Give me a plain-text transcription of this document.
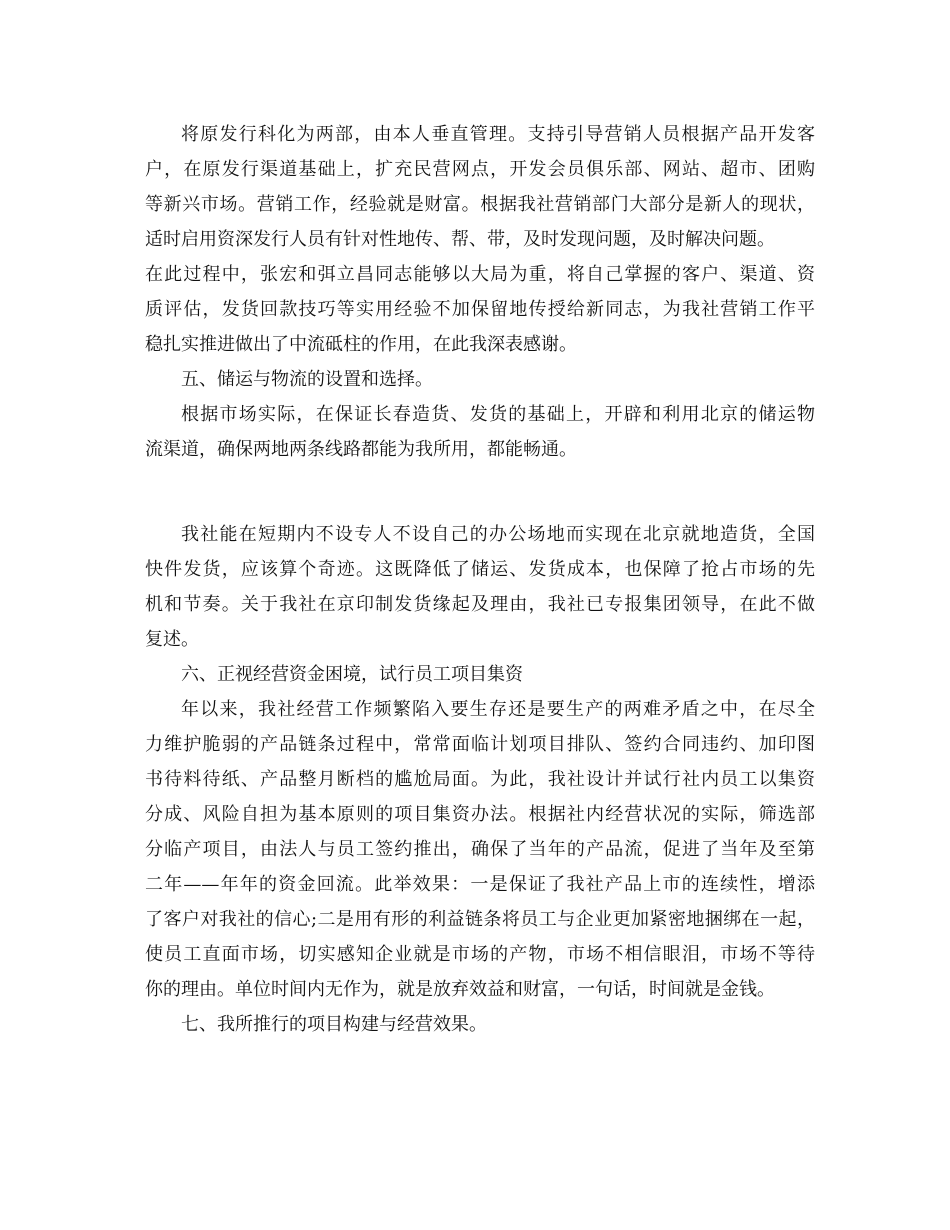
将原发行科化为两部，由本人垂直管理。支持引导营销人员根据产品开发客
户，在原发行渠道基础上，扩充民营网点，开发会员俱乐部、网站、超市、团购
等新兴市场。营销工作，经验就是财富。根据我社营销部门大部分是新人的现状，
适时启用资深发行人员有针对性地传、帮、带，及时发现问题，及时解决问题。
在此过程中，张宏和弭立昌同志能够以大局为重，将自己掌握的客户、渠道、资
质评估，发货回款技巧等实用经验不加保留地传授给新同志，为我社营销工作平
稳扎实推进做出了中流砥柱的作用，在此我深表感谢。
五、储运与物流的设置和选择。
根据市场实际，在保证长春造货、发货的基础上，开辟和利用北京的储运物
流渠道，确保两地两条线路都能为我所用，都能畅通。
我社能在短期内不设专人不设自己的办公场地而实现在北京就地造货，全国
快件发货，应该算个奇迹。这既降低了储运、发货成本，也保障了抢占市场的先
机和节奏。关于我社在京印制发货缘起及理由，我社已专报集团领导，在此不做
复述。
六、正视经营资金困境，试行员工项目集资
年以来，我社经营工作频繁陷入要生存还是要生产的两难矛盾之中，在尽全
力维护脆弱的产品链条过程中，常常面临计划项目排队、签约合同违约、加印图
书待料待纸、产品整月断档的尴尬局面。为此，我社设计并试行社内员工以集资
分成、风险自担为基本原则的项目集资办法。根据社内经营状况的实际，筛选部
分临产项目，由法人与员工签约推出，确保了当年的产品流，促进了当年及至第
二年——年年的资金回流。此举效果：一是保证了我社产品上市的连续性，增添
了客户对我社的信心;二是用有形的利益链条将员工与企业更加紧密地捆绑在一起，
使员工直面市场，切实感知企业就是市场的产物，市场不相信眼泪，市场不等待
你的理由。单位时间内无作为，就是放弃效益和财富，一句话，时间就是金钱。
七、我所推行的项目构建与经营效果。
